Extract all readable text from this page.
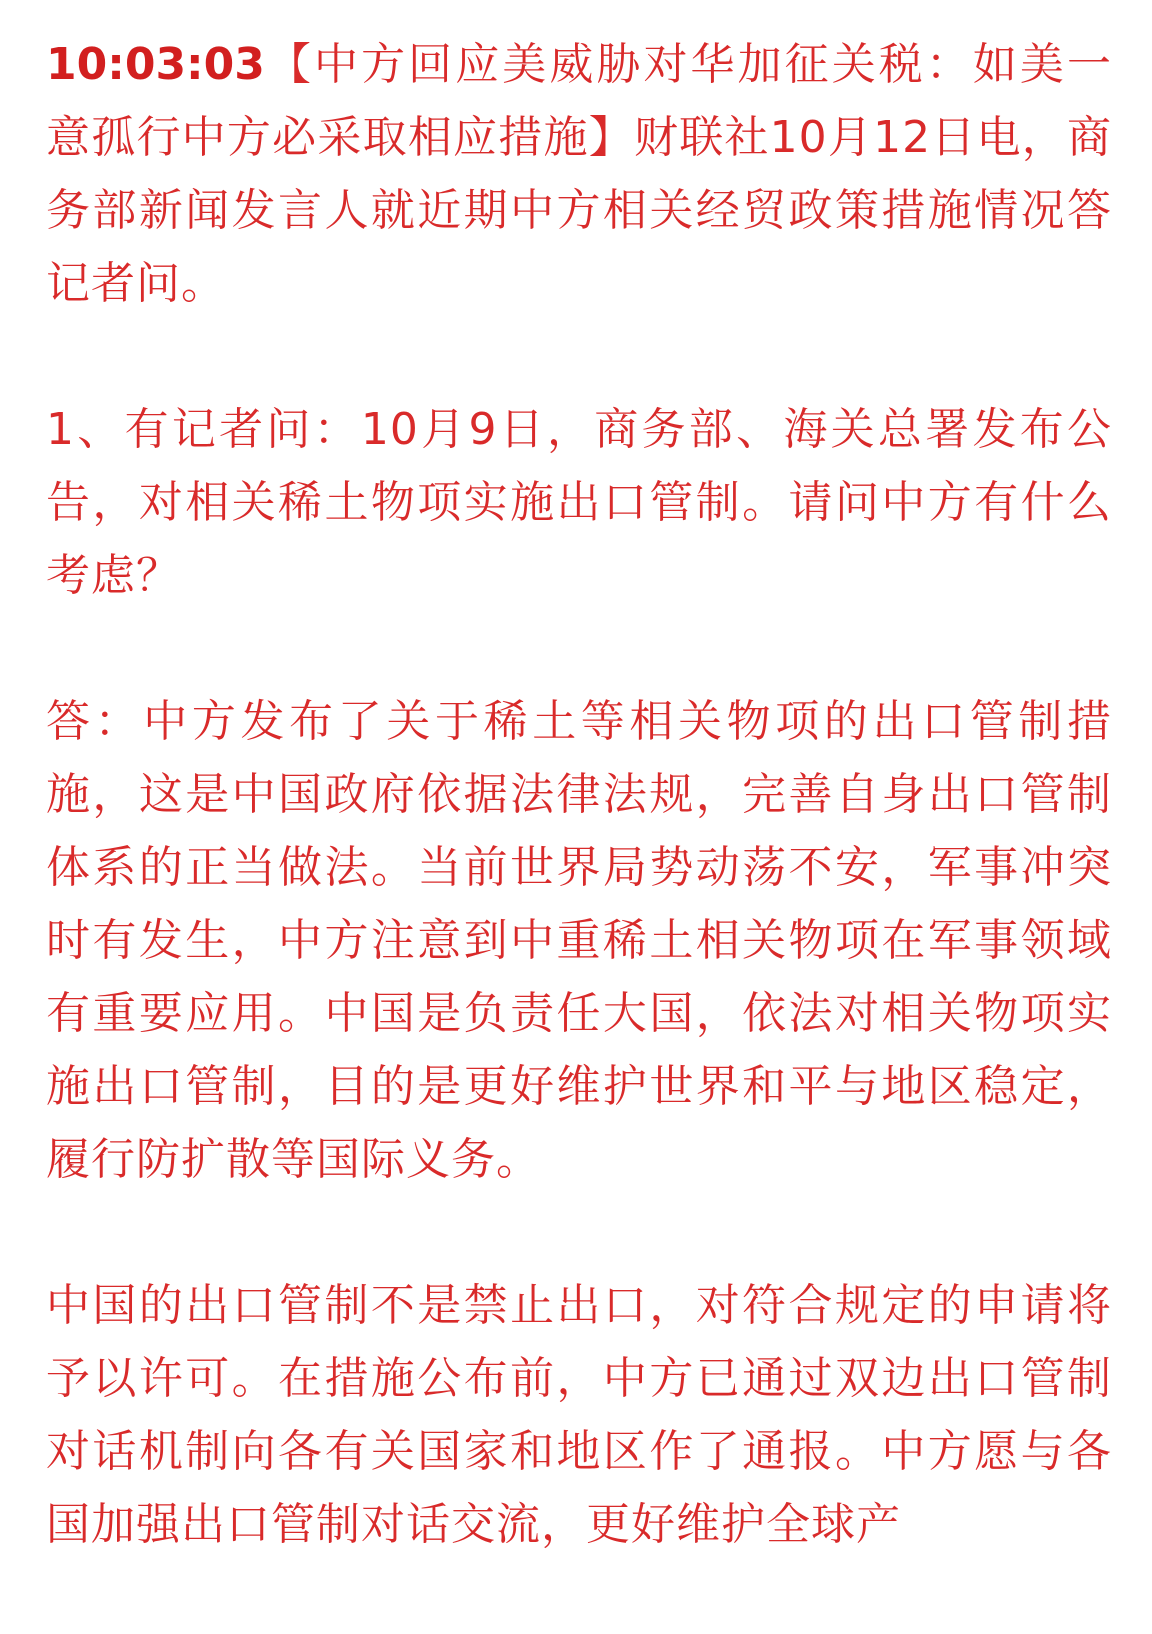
10:03:03【中方回应美威胁对华加征关税：如美一意孤行中方必采取相应措施】财联社10月12日电，商务部新闻发言人就近期中方相关经贸政策措施情况答记者问。

1、有记者问：10月9日，商务部、海关总署发布公告，对相关稀土物项实施出口管制。请问中方有什么考虑？

答：中方发布了关于稀土等相关物项的出口管制措施，这是中国政府依据法律法规，完善自身出口管制体系的正当做法。当前世界局势动荡不安，军事冲突时有发生，中方注意到中重稀土相关物项在军事领域有重要应用。中国是负责任大国，依法对相关物项实施出口管制，目的是更好维护世界和平与地区稳定，履行防扩散等国际义务。

中国的出口管制不是禁止出口，对符合规定的申请将予以许可。在措施公布前，中方已通过双边出口管制对话机制向各有关国家和地区作了通报。中方愿与各国加强出口管制对话交流，更好维护全球产
